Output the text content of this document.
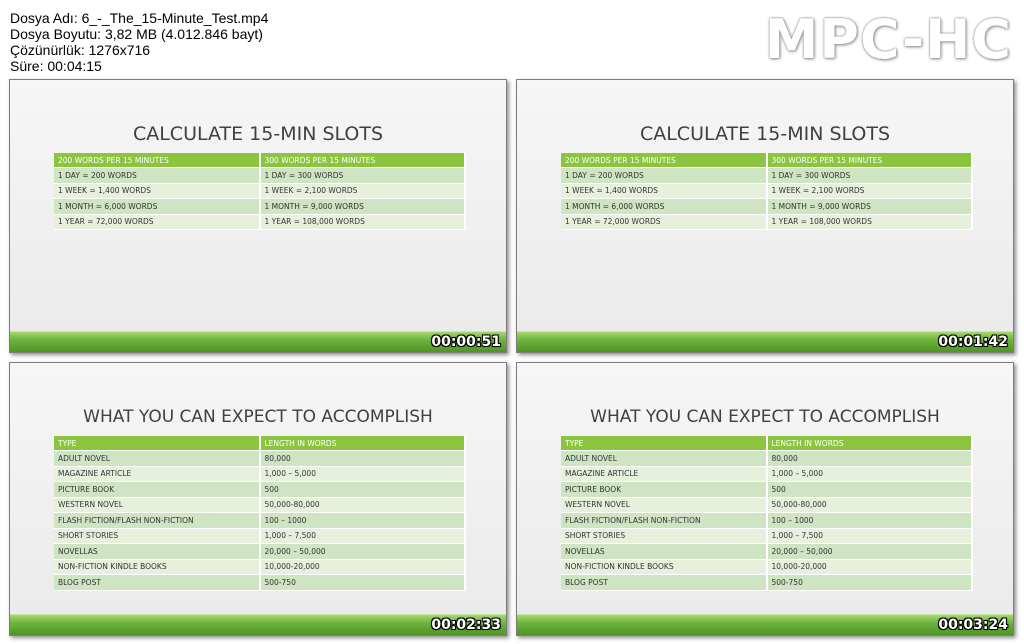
Dosya Adı: 6_-_The_15-Minute_Test.mp4
Dosya Boyutu: 3,82 MB (4.012.846 bayt)
Çözünürlük: 1276x716
Süre: 00:04:15	MPC-HC
CALCULATE 15-MIN SLOTS
200 WORDS PER 15 MINUTES	300 WORDS PER 15 MINUTES
1 DAY = 200 WORDS	1 DAY = 300 WORDS
1 WEEK = 1,400 WORDS	1 WEEK = 2,100 WORDS
1 MONTH = 6,000 WORDS	1 MONTH = 9,000 WORDS
1 YEAR = 72,000 WORDS	1 YEAR = 108,000 WORDS
00:00:51
CALCULATE 15-MIN SLOTS
200 WORDS PER 15 MINUTES	300 WORDS PER 15 MINUTES
1 DAY = 200 WORDS	1 DAY = 300 WORDS
1 WEEK = 1,400 WORDS	1 WEEK = 2,100 WORDS
1 MONTH = 6,000 WORDS	1 MONTH = 9,000 WORDS
1 YEAR = 72,000 WORDS	1 YEAR = 108,000 WORDS
00:01:42
WHAT YOU CAN EXPECT TO ACCOMPLISH
TYPE	LENGTH IN WORDS
ADULT NOVEL	80,000
MAGAZINE ARTICLE	1,000 – 5,000
PICTURE BOOK	500
WESTERN NOVEL	50,000-80,000
FLASH FICTION/FLASH NON-FICTION	100 – 1000
SHORT STORIES	1,000 – 7,500
NOVELLAS	20,000 – 50,000
NON-FICTION KINDLE BOOKS	10,000-20,000
BLOG POST	500-750
00:02:33
WHAT YOU CAN EXPECT TO ACCOMPLISH
TYPE	LENGTH IN WORDS
ADULT NOVEL	80,000
MAGAZINE ARTICLE	1,000 – 5,000
PICTURE BOOK	500
WESTERN NOVEL	50,000-80,000
FLASH FICTION/FLASH NON-FICTION	100 – 1000
SHORT STORIES	1,000 – 7,500
NOVELLAS	20,000 – 50,000
NON-FICTION KINDLE BOOKS	10,000-20,000
BLOG POST	500-750
00:03:24
